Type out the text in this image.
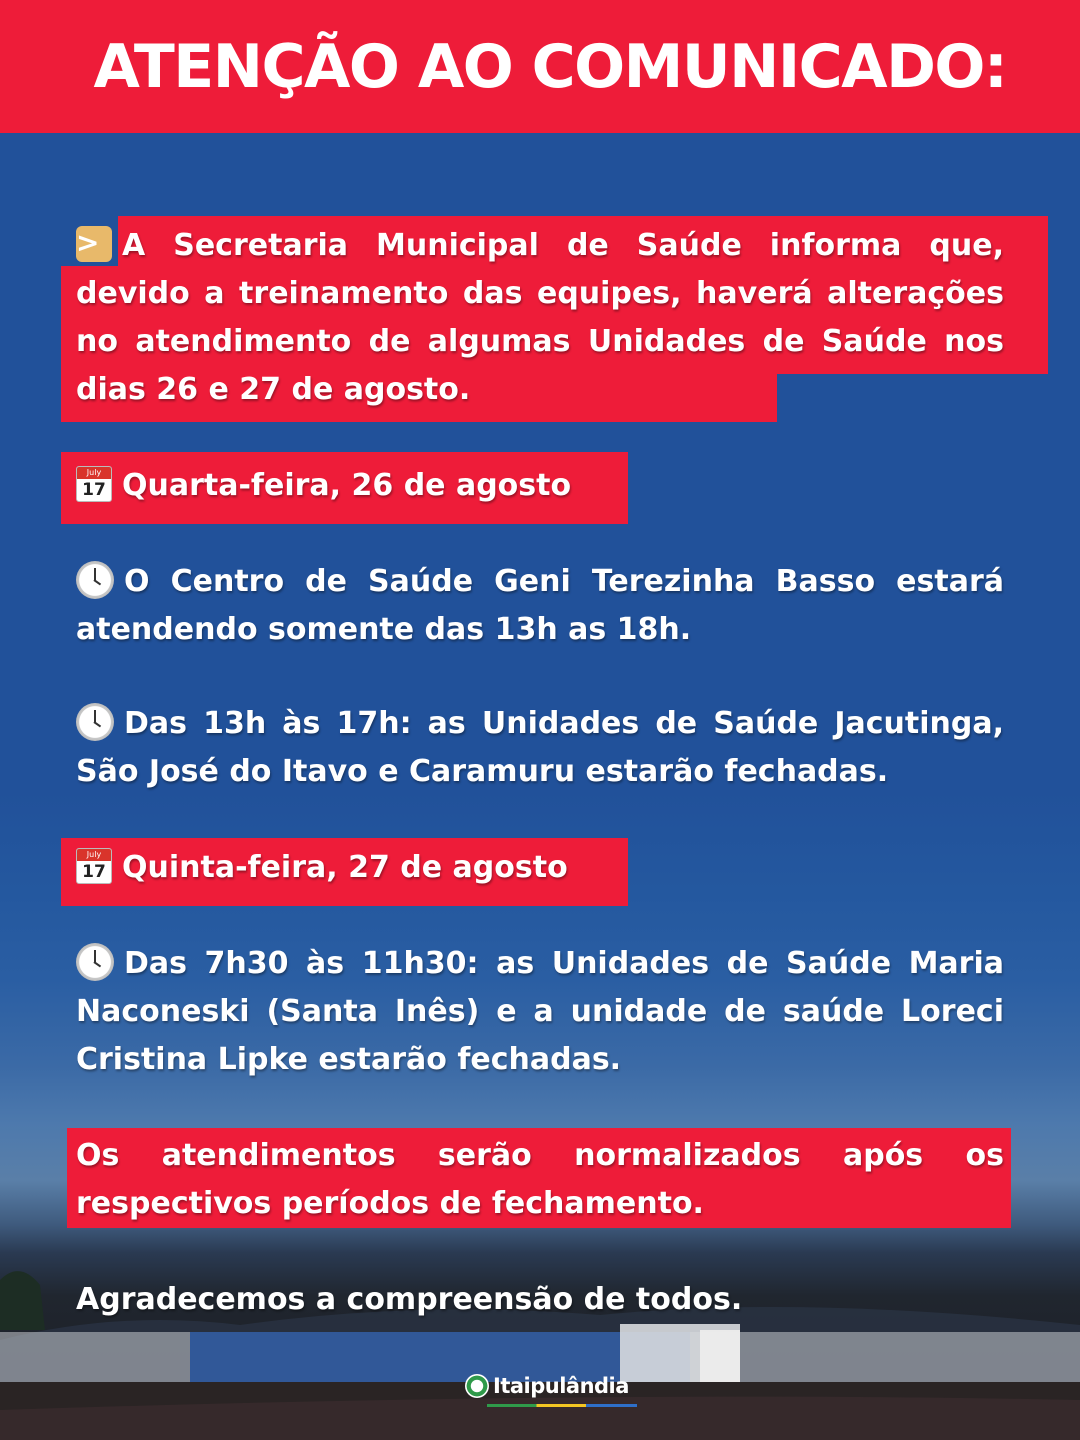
ATENÇÃO AO COMUNICADO:
> A Secretaria Municipal de Saúde informa que, devido a treinamento das equipes, haverá alterações no atendimento de algumas Unidades de Saúde nos dias 26 e 27 de agosto.
July
17 Quarta-feira, 26 de agosto
O Centro de Saúde Geni Terezinha Basso estará atendendo somente das 13h as 18h.
Das 13h às 17h: as Unidades de Saúde Jacutinga, São José do Itavo e Caramuru estarão fechadas.
July
17 Quinta-feira, 27 de agosto
Das 7h30 às 11h30: as Unidades de Saúde Maria Naconeski (Santa Inês) e a unidade de saúde Loreci Cristina Lipke estarão fechadas.
Os atendimentos serão normalizados após os respectivos períodos de fechamento.
Agradecemos a compreensão de todos.
Itaipulândia
